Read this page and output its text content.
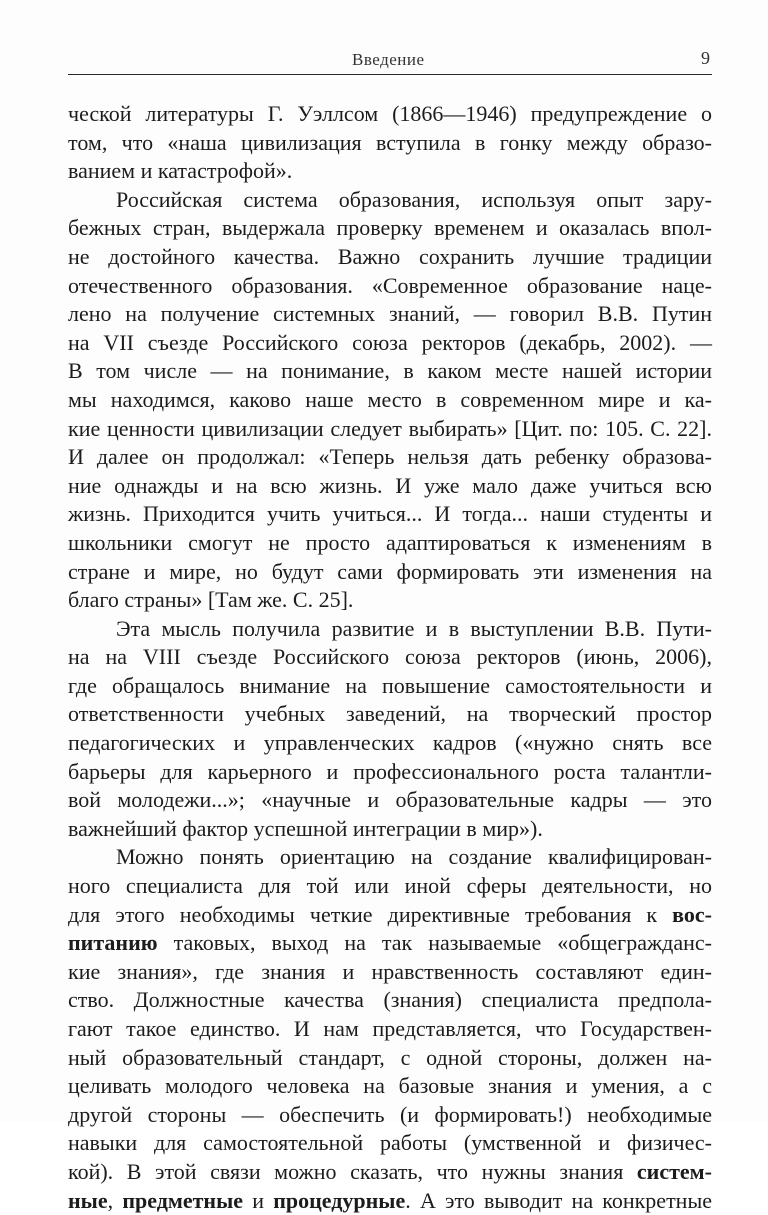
Введение	9
ческой литературы Г. Уэллсом (1866—1946) предупреждение о
том, что «наша цивилизация вступила в гонку между образо-
ванием и катастрофой».
Российская система образования, используя опыт зару-
бежных стран, выдержала проверку временем и оказалась впол-
не достойного качества. Важно сохранить лучшие традиции
отечественного образования. «Современное образование наце-
лено на получение системных знаний, — говорил В.В. Путин
на VII съезде Российского союза ректоров (декабрь, 2002). —
В том числе — на понимание, в каком месте нашей истории
мы находимся, каково наше место в современном мире и ка-
кие ценности цивилизации следует выбирать» [Цит. по: 105. С. 22].
И далее он продолжал: «Теперь нельзя дать ребенку образова-
ние однажды и на всю жизнь. И уже мало даже учиться всю
жизнь. Приходится учить учиться... И тогда... наши студенты и
школьники смогут не просто адаптироваться к изменениям в
стране и мире, но будут сами формировать эти изменения на
благо страны» [Там же. С. 25].
Эта мысль получила развитие и в выступлении В.В. Пути-
на на VIII съезде Российского союза ректоров (июнь, 2006),
где обращалось внимание на повышение самостоятельности и
ответственности учебных заведений, на творческий простор
педагогических и управленческих кадров («нужно снять все
барьеры для карьерного и профессионального роста талантли-
вой молодежи...»; «научные и образовательные кадры — это
важнейший фактор успешной интеграции в мир»).
Можно понять ориентацию на создание квалифицирован-
ного специалиста для той или иной сферы деятельности, но
для этого необходимы четкие директивные требования к вос-
питанию таковых, выход на так называемые «общегражданс-
кие знания», где знания и нравственность составляют един-
ство. Должностные качества (знания) специалиста предпола-
гают такое единство. И нам представляется, что Государствен-
ный образовательный стандарт, с одной стороны, должен на-
целивать молодого человека на базовые знания и умения, а с
другой стороны — обеспечить (и формировать!) необходимые
навыки для самостоятельной работы (умственной и физичес-
кой). В этой связи можно сказать, что нужны знания систем-
ные, предметные и процедурные. А это выводит на конкретные
